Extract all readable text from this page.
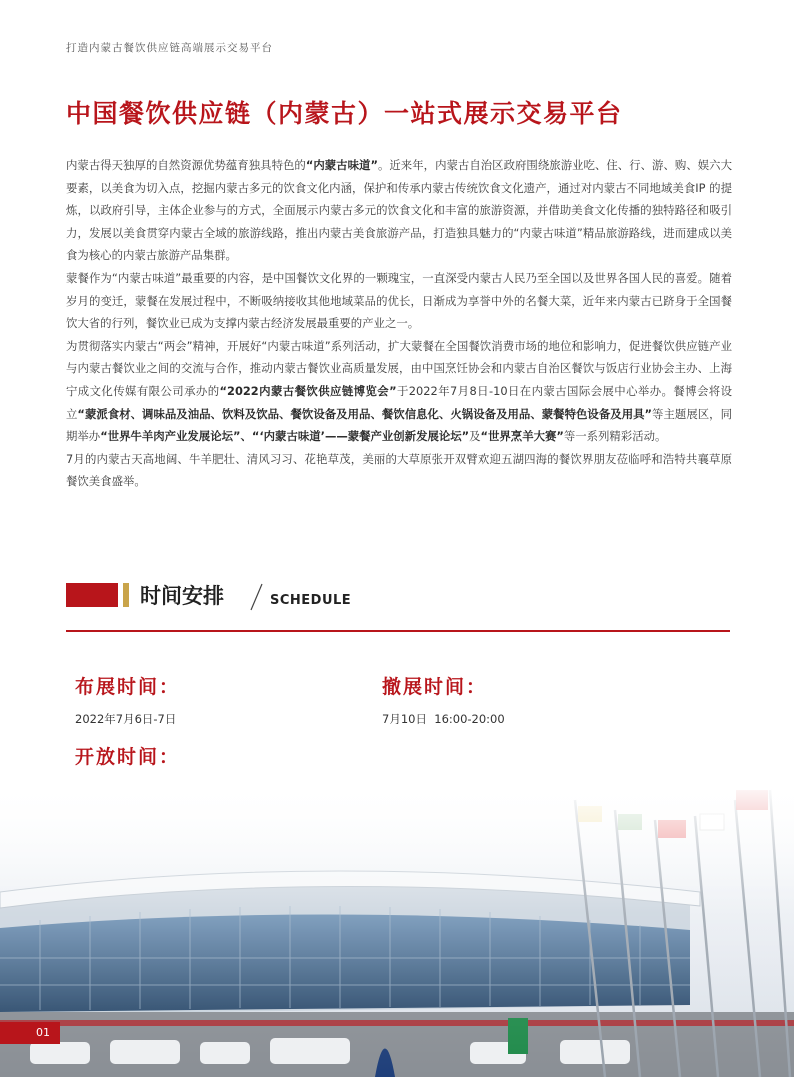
打造内蒙古餐饮供应链高端展示交易平台
中国餐饮供应链（内蒙古）一站式展示交易平台

内蒙古得天独厚的自然资源优势蕴育独具特色的“内蒙古味道”。近来年，内蒙古自治区政府围绕旅游业吃、住、行、游、购、娱六大要素，以美食为切入点，挖掘内蒙古多元的饮食文化内涵，保护和传承内蒙古传统饮食文化遗产，通过对内蒙古不同地域美食IP 的提炼，以政府引导，主体企业参与的方式，全面展示内蒙古多元的饮食文化和丰富的旅游资源，并借助美食文化传播的独特路径和吸引力，发展以美食贯穿内蒙古全域的旅游线路，推出内蒙古美食旅游产品，打造独具魅力的“内蒙古味道”精品旅游路线，进而建成以美食为核心的内蒙古旅游产品集群。

蒙餐作为“内蒙古味道”最重要的内容，是中国餐饮文化界的一颗瑰宝，一直深受内蒙古人民乃至全国以及世界各国人民的喜爱。随着岁月的变迁，蒙餐在发展过程中，不断吸纳接收其他地域菜品的优长，日渐成为享誉中外的名餐大菜，近年来内蒙古已跻身于全国餐饮大省的行列，餐饮业已成为支撑内蒙古经济发展最重要的产业之一。

为贯彻落实内蒙古“两会”精神，开展好“内蒙古味道”系列活动，扩大蒙餐在全国餐饮消费市场的地位和影响力，促进餐饮供应链产业与内蒙古餐饮业之间的交流与合作，推动内蒙古餐饮业高质量发展，由中国烹饪协会和内蒙古自治区餐饮与饭店行业协会主办、上海宁成文化传媒有限公司承办的“2022内蒙古餐饮供应链博览会”于2022年7月8日-10日在内蒙古国际会展中心举办。餐博会将设立“蒙派食材、调味品及油品、饮料及饮品、餐饮设备及用品、餐饮信息化、火锅设备及用品、蒙餐特色设备及用具”等主题展区，同期举办“世界牛羊肉产业发展论坛”、“‘内蒙古味道’——蒙餐产业创新发展论坛”及“世界烹羊大赛”等一系列精彩活动。

7月的内蒙古天高地阔、牛羊肥壮、清风习习、花艳草茂，美丽的大草原张开双臂欢迎五湖四海的餐饮界朋友莅临呼和浩特共襄草原餐饮美食盛举。

时间安排	SCHEDULE
布展时间：
2022年7月6日-7日
撤展时间：
7月10日  16:00-20:00
开放时间：
01
